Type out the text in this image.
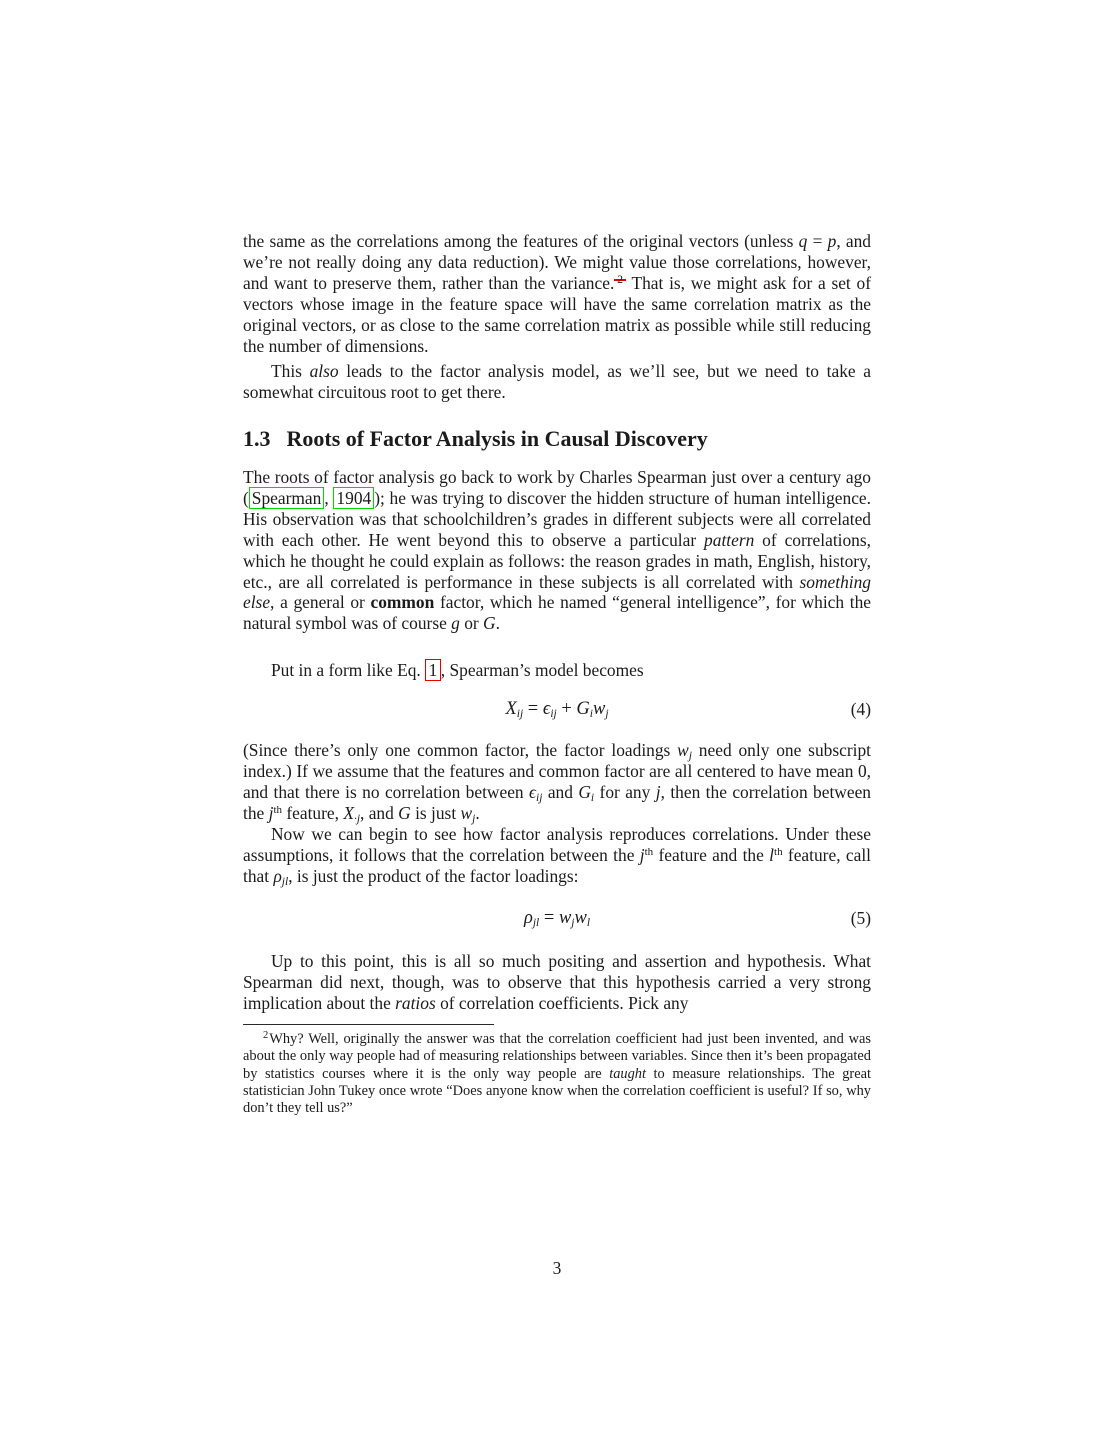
the same as the correlations among the features of the original vectors (unless q = p, and we’re not really doing any data reduction). We might value those correlations, however, and want to preserve them, rather than the variance. $^2$ That is, we might ask for a set of vectors whose image in the feature space will have the same correlation matrix as the original vectors, or as close to the same correlation matrix as possible while still reducing the number of dimensions.

This also leads to the factor analysis model, as we’ll see, but we need to take a somewhat circuitous root to get there.

1.3 Roots of Factor Analysis in Causal Discovery

The roots of factor analysis go back to work by Charles Spearman just over a century ago ( Spearman , 1904 ); he was trying to discover the hidden structure of human intelligence. His observation was that schoolchildren’s grades in different subjects were all correlated with each other. He went beyond this to observe a particular pattern of correlations, which he thought he could explain as follows: the reason grades in math, English, history, etc., are all correlated is performance in these subjects is all correlated with something else, a general or common factor, which he named “general intelligence”, for which the natural symbol was of course g or G.

Put in a form like Eq. 1 , Spearman’s model becomes

$X_{ij} = \epsilon_{ij} + G_iw_j$	(4)

(Since there’s only one common factor, the factor loadings $w_j$ need only one subscript index.) If we assume that the features and common factor are all centered to have mean 0, and that there is no correlation between $\epsilon_{ij}$ and $G_i$ for any j, then the correlation between the $j^{th}$ feature, $X_{\cdot j}$, and G is just $w_j$.

Now we can begin to see how factor analysis reproduces correlations. Under these assumptions, it follows that the correlation between the $j^{th}$ feature and the $l^{th}$ feature, call that $\rho_{jl}$, is just the product of the factor loadings:

$\rho_{jl} = w_jw_l$	(5)

Up to this point, this is all so much positing and assertion and hypothesis. What Spearman did next, though, was to observe that this hypothesis carried a very strong implication about the ratios of correlation coefficients. Pick any

$^2$Why? Well, originally the answer was that the correlation coefficient had just been invented, and was about the only way people had of measuring relationships between variables. Since then it’s been propagated by statistics courses where it is the only way people are taught to measure relationships. The great statistician John Tukey once wrote “Does anyone know when the correlation coefficient is useful? If so, why don’t they tell us?”

3
